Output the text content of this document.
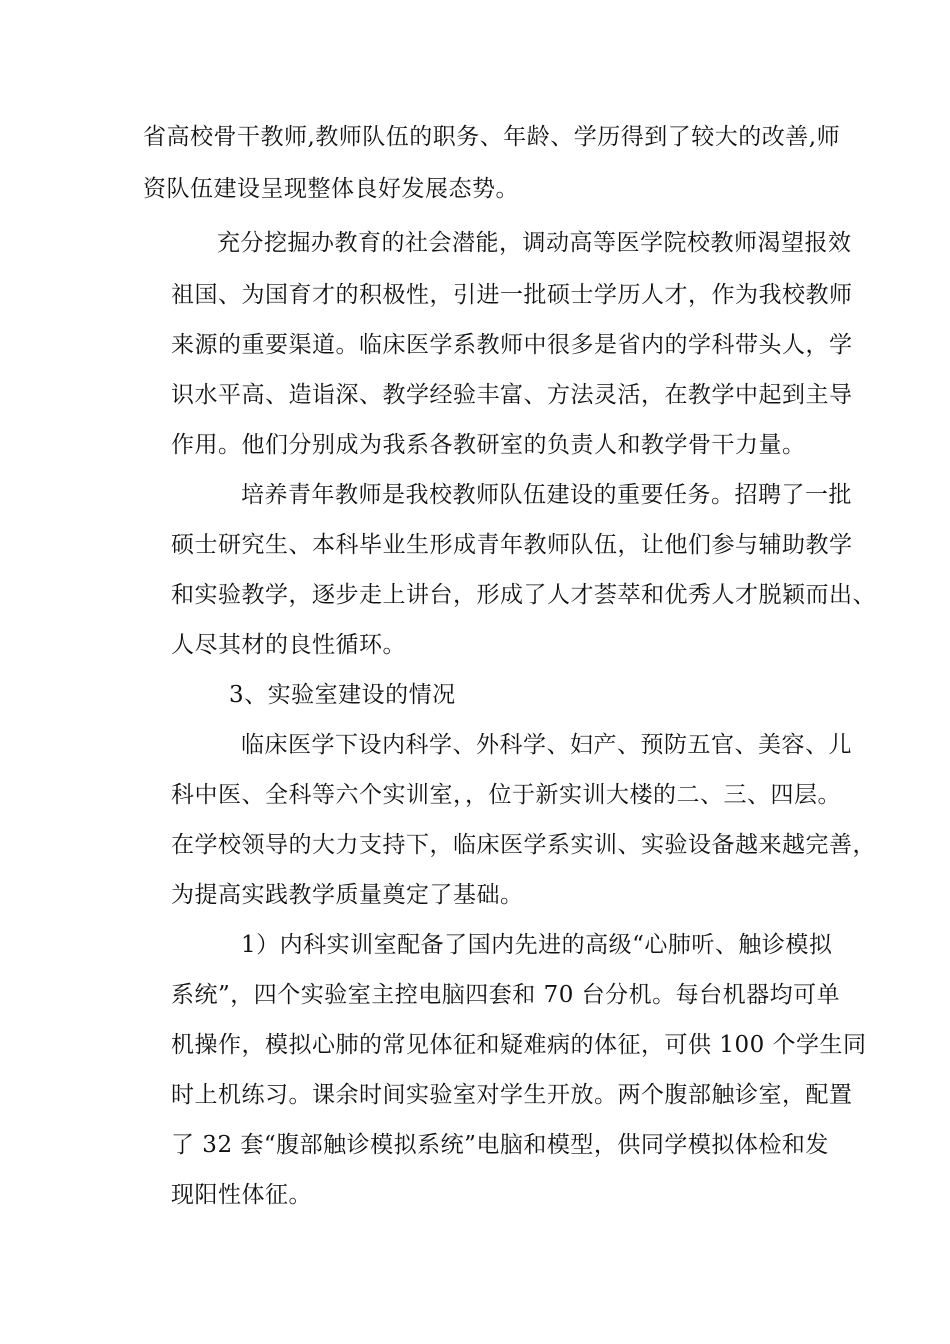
省高校骨干教师,教师队伍的职务、年龄、学历得到了较大的改善,师
资队伍建设呈现整体良好发展态势。
充分挖掘办教育的社会潜能，调动高等医学院校教师渴望报效
祖国、为国育才的积极性，引进一批硕士学历人才，作为我校教师
来源的重要渠道。临床医学系教师中很多是省内的学科带头人，学
识水平高、造诣深、教学经验丰富、方法灵活，在教学中起到主导
作用。他们分别成为我系各教研室的负责人和教学骨干力量。
培养青年教师是我校教师队伍建设的重要任务。招聘了一批
硕士研究生、本科毕业生形成青年教师队伍，让他们参与辅助教学
和实验教学，逐步走上讲台，形成了人才荟萃和优秀人才脱颖而出、
人尽其材的良性循环。
3、实验室建设的情况
临床医学下设内科学、外科学、妇产、预防五官、美容、儿
科中医、全科等六个实训室，，位于新实训大楼的二、三、四层。
在学校领导的大力支持下，临床医学系实训、实验设备越来越完善，
为提高实践教学质量奠定了基础。
1）内科实训室配备了国内先进的高级“心肺听、触诊模拟
系统”，四个实验室主控电脑四套和 70 台分机。每台机器均可单
机操作，模拟心肺的常见体征和疑难病的体征，可供 100 个学生同
时上机练习。课余时间实验室对学生开放。两个腹部触诊室，配置
了 32 套“腹部触诊模拟系统”电脑和模型，供同学模拟体检和发
现阳性体征。
